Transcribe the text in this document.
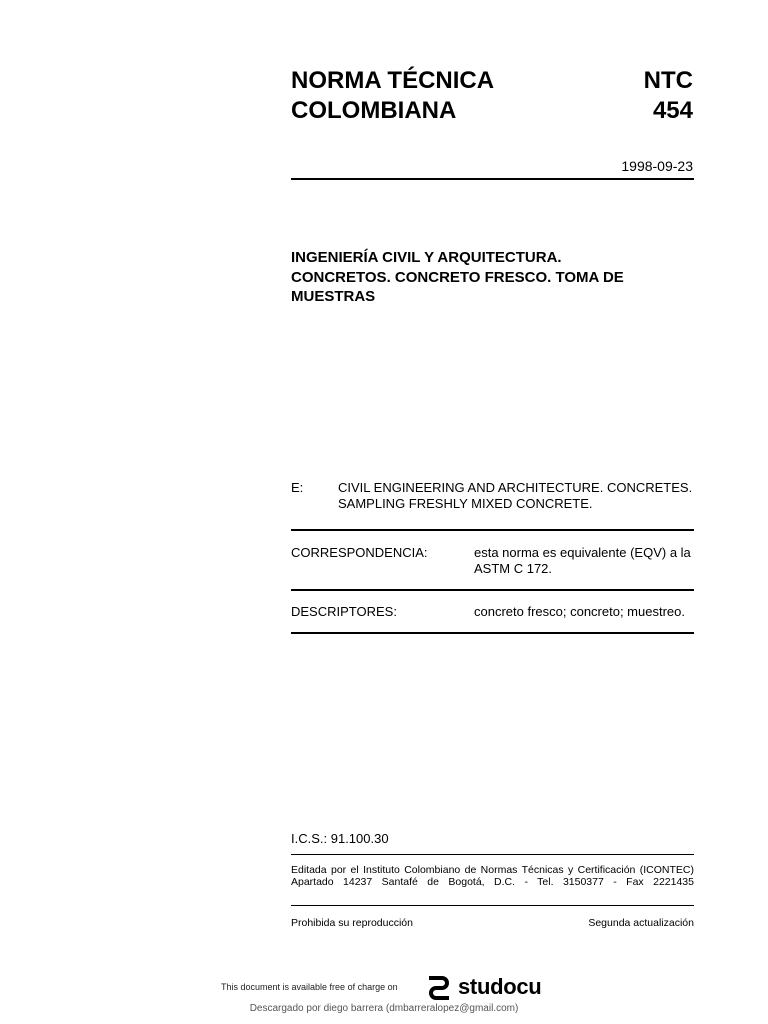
NORMA TÉCNICA
COLOMBIANA
NTC
454
1998-09-23
INGENIERÍA CIVIL Y ARQUITECTURA.
CONCRETOS. CONCRETO FRESCO. TOMA DE
MUESTRAS
E:	CIVIL ENGINEERING AND ARCHITECTURE. CONCRETES.
SAMPLING FRESHLY MIXED CONCRETE.
CORRESPONDENCIA:	esta norma es equivalente (EQV) a la
ASTM C 172.
DESCRIPTORES:	concreto fresco; concreto; muestreo.
I.C.S.: 91.100.30
Editada por el Instituto Colombiano de Normas Técnicas y Certificación (ICONTEC)
Apartado 14237 Santafé de Bogotá, D.C. - Tel. 3150377 - Fax 2221435
Prohibida su reproducción	Segunda actualización
This document is available free of charge on	studocu
Descargado por diego barrera (dmbarreralopez@gmail.com)
